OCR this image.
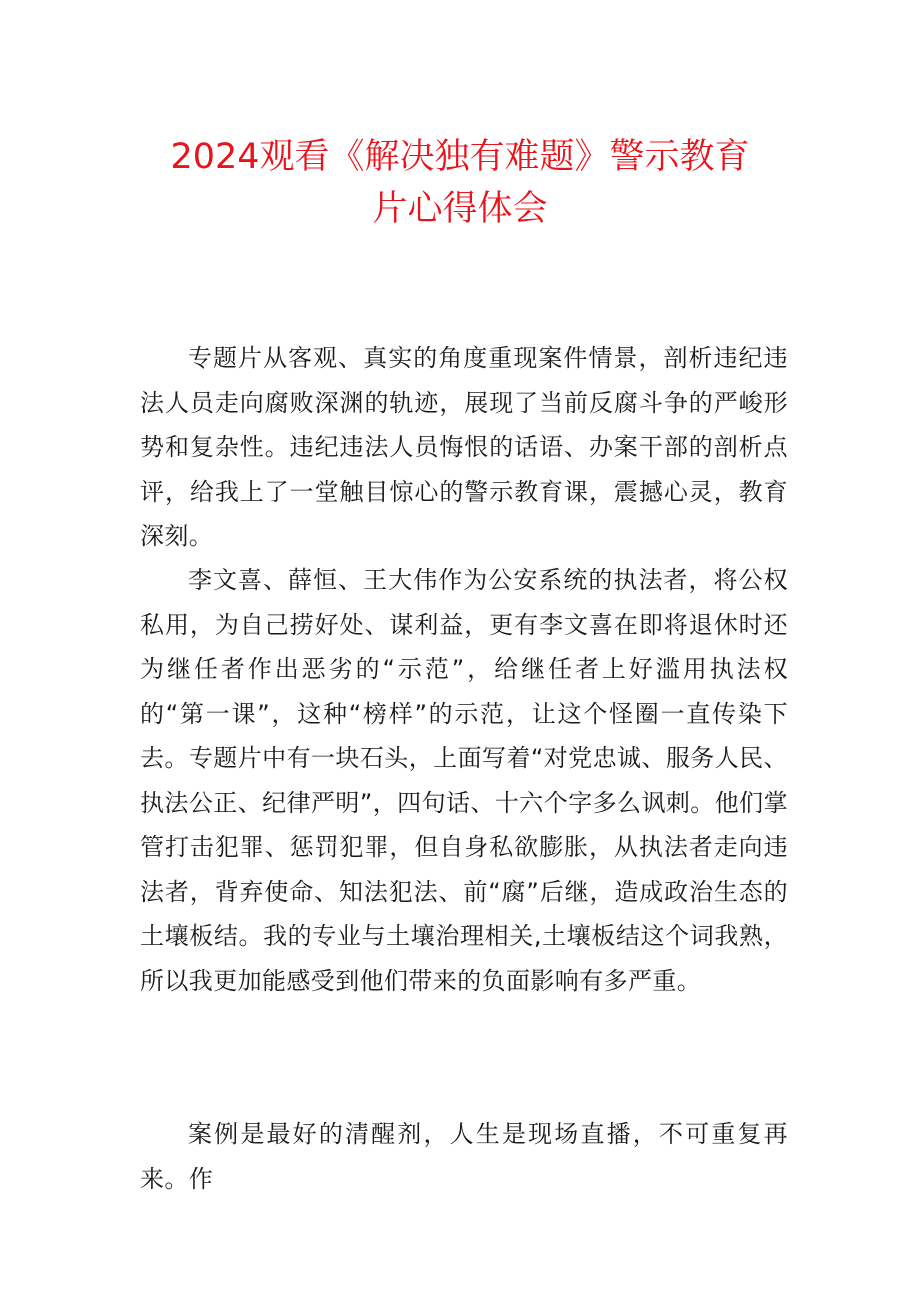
2024观看《解决独有难题》警示教育
片心得体会

专题片从客观、真实的角度重现案件情景，剖析违纪违法人员走向腐败深渊的轨迹，展现了当前反腐斗争的严峻形势和复杂性。违纪违法人员悔恨的话语、办案干部的剖析点评，给我上了一堂触目惊心的警示教育课，震撼心灵，教育深刻。

李文喜、薛恒、王大伟作为公安系统的执法者，将公权私用，为自己捞好处、谋利益，更有李文喜在即将退休时还为继任者作出恶劣的“示范”，给继任者上好滥用执法权的“第一课”，这种“榜样”的示范，让这个怪圈一直传染下去。专题片中有一块石头，上面写着“对党忠诚、服务人民、执法公正、纪律严明”，四句话、十六个字多么讽刺。他们掌管打击犯罪、惩罚犯罪，但自身私欲膨胀，从执法者走向违法者，背弃使命、知法犯法、前“腐”后继，造成政治生态的土壤板结。我的专业与土壤治理相关,土壤板结这个词我熟，所以我更加能感受到他们带来的负面影响有多严重。

案例是最好的清醒剂，人生是现场直播，不可重复再来。作
